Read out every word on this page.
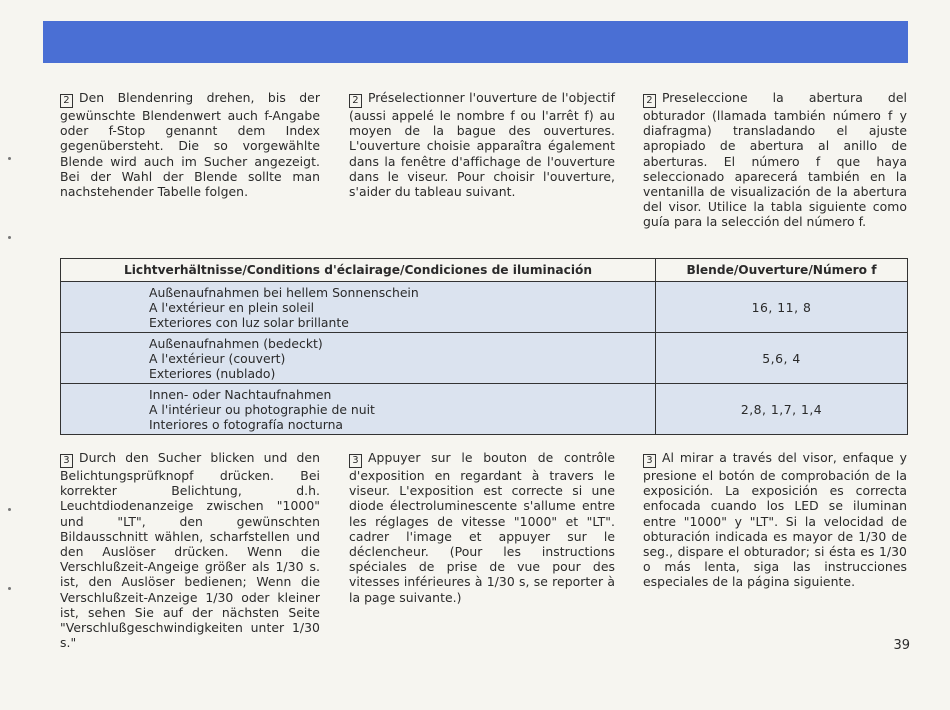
2 Den Blendenring drehen, bis der gewünschte Blendenwert auch f-Angabe oder f-Stop genannt dem Index gegenübersteht. Die so vorgewählte Blende wird auch im Sucher angezeigt. Bei der Wahl der Blende sollte man nachstehender Tabelle folgen.
2 Préselectionner l'ouverture de l'objectif (aussi appelé le nombre f ou l'arrêt f) au moyen de la bague des ouvertures. L'ouverture choisie apparaîtra également dans la fenêtre d'affichage de l'ouverture dans le viseur. Pour choisir l'ouverture, s'aider du tableau suivant.
2 Preseleccione la abertura del obturador (llamada también número f y diafragma) transladando el ajuste apropiado de abertura al anillo de aberturas. El número f que haya seleccionado aparecerá también en la ventanilla de visualización de la abertura del visor. Utilice la tabla siguiente como guía para la selección del número f.
Lichtverhältnisse/Conditions d'éclairage/Condiciones de iluminación	Blende/Ouverture/Número f

Außenaufnahmen bei hellem Sonnenschein
A l'extérieur en plein soleil
Exteriores con luz solar brillante	16, 11, 8

Außenaufnahmen (bedeckt)
A l'extérieur (couvert)
Exteriores (nublado)	5,6, 4

Innen- oder Nachtaufnahmen
A l'intérieur ou photographie de nuit
Interiores o fotografía nocturna	2,8, 1,7, 1,4
3 Durch den Sucher blicken und den Belichtungsprüfknopf drücken. Bei korrekter Belichtung, d.h. Leuchtdiodenanzeige zwischen "1000" und "LT", den gewünschten Bildausschnitt wählen, scharfstellen und den Auslöser drücken. Wenn die Verschlußzeit-Angeige größer als 1/30 s. ist, den Auslöser bedienen; Wenn die Verschlußzeit-Anzeige 1/30 oder kleiner ist, sehen Sie auf der nächsten Seite "Verschlußgeschwindigkeiten unter 1/30 s."
3 Appuyer sur le bouton de contrôle d'exposition en regardant à travers le viseur. L'exposition est correcte si une diode électroluminescente s'allume entre les réglages de vitesse "1000" et "LT". cadrer l'image et appuyer sur le déclencheur. (Pour les instructions spéciales de prise de vue pour des vitesses inférieures à 1/30 s, se reporter à la page suivante.)
3 Al mirar a través del visor, enfaque y presione el botón de comprobación de la exposición. La exposición es correcta enfocada cuando los LED se iluminan entre "1000" y "LT". Si la velocidad de obturación indicada es mayor de 1/30 de seg., dispare el obturador; si ésta es 1/30 o más lenta, siga las instrucciones especiales de la página siguiente.
39
